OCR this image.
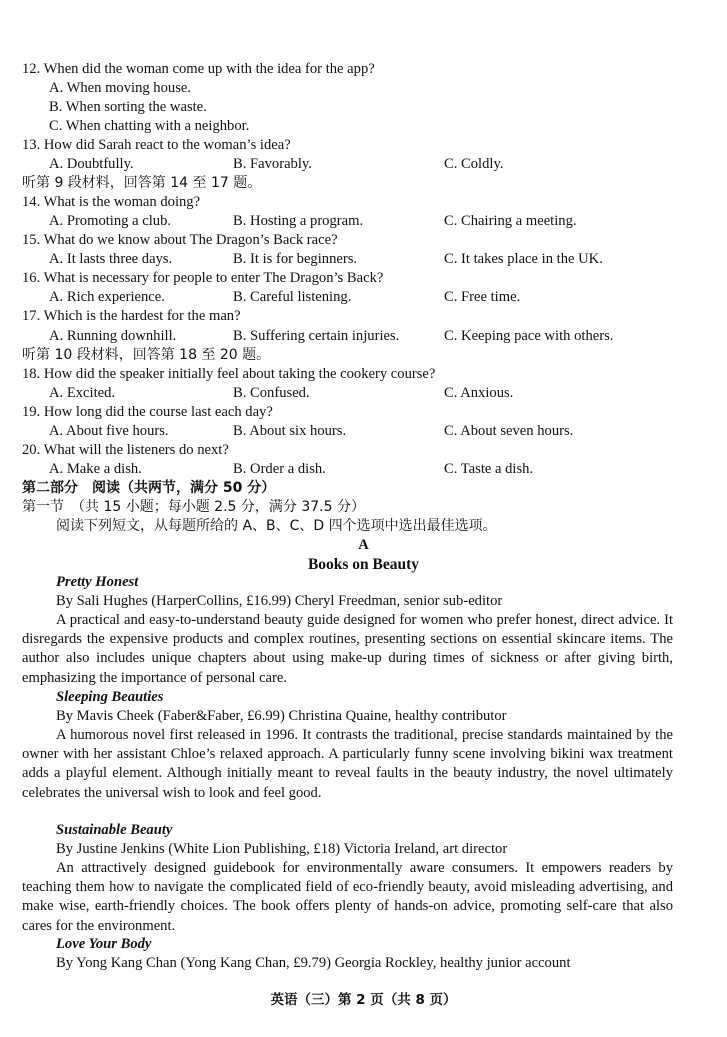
12. When did the woman come up with the idea for the app?
A. When moving house.
B. When sorting the waste.
C. When chatting with a neighbor.
13. How did Sarah react to the woman’s idea?
A. Doubtfully.	B. Favorably.	C. Coldly.
听第 9 段材料，回答第 14 至 17 题。
14. What is the woman doing?
A. Promoting a club.	B. Hosting a program.	C. Chairing a meeting.
15. What do we know about The Dragon’s Back race?
A. It lasts three days.	B. It is for beginners.	C. It takes place in the UK.
16. What is necessary for people to enter The Dragon’s Back?
A. Rich experience.	B. Careful listening.	C. Free time.
17. Which is the hardest for the man?
A. Running downhill.	B. Suffering certain injuries.	C. Keeping pace with others.
听第 10 段材料，回答第 18 至 20 题。
18. How did the speaker initially feel about taking the cookery course?
A. Excited.	B. Confused.	C. Anxious.
19. How long did the course last each day?
A. About five hours.	B. About six hours.	C. About seven hours.
20. What will the listeners do next?
A. Make a dish.	B. Order a dish.	C. Taste a dish.
第二部分　阅读（共两节，满分 50 分）
第一节　（共 15 小题；每小题 2.5 分，满分 37.5 分）
阅读下列短文，从每题所给的 A、B、C、D 四个选项中选出最佳选项。
A
Books on Beauty
Pretty Honest
By Sali Hughes (HarperCollins, £16.99) Cheryl Freedman, senior sub-editor

A practical and easy-to-understand beauty guide designed for women who prefer honest, direct advice. It disregards the expensive products and complex routines, presenting sections on essential skincare items. The author also includes unique chapters about using make-up during times of sickness or after giving birth, emphasizing the importance of personal care.

Sleeping Beauties
By Mavis Cheek (Faber&Faber, £6.99) Christina Quaine, healthy contributor

A humorous novel first released in 1996. It contrasts the traditional, precise standards maintained by the owner with her assistant Chloe’s relaxed approach. A particularly funny scene involving bikini wax treatment adds a playful element. Although initially meant to reveal faults in the beauty industry, the novel ultimately celebrates the universal wish to look and feel good.

Sustainable Beauty
By Justine Jenkins (White Lion Publishing, £18) Victoria Ireland, art director

An attractively designed guidebook for environmentally aware consumers. It empowers readers by teaching them how to navigate the complicated field of eco-friendly beauty, avoid misleading advertising, and make wise, earth-friendly choices. The book offers plenty of hands-on advice, promoting self-care that also cares for the environment.

Love Your Body
By Yong Kang Chan (Yong Kang Chan, £9.79) Georgia Rockley, healthy junior account
英语（三）第 2 页（共 8 页）
